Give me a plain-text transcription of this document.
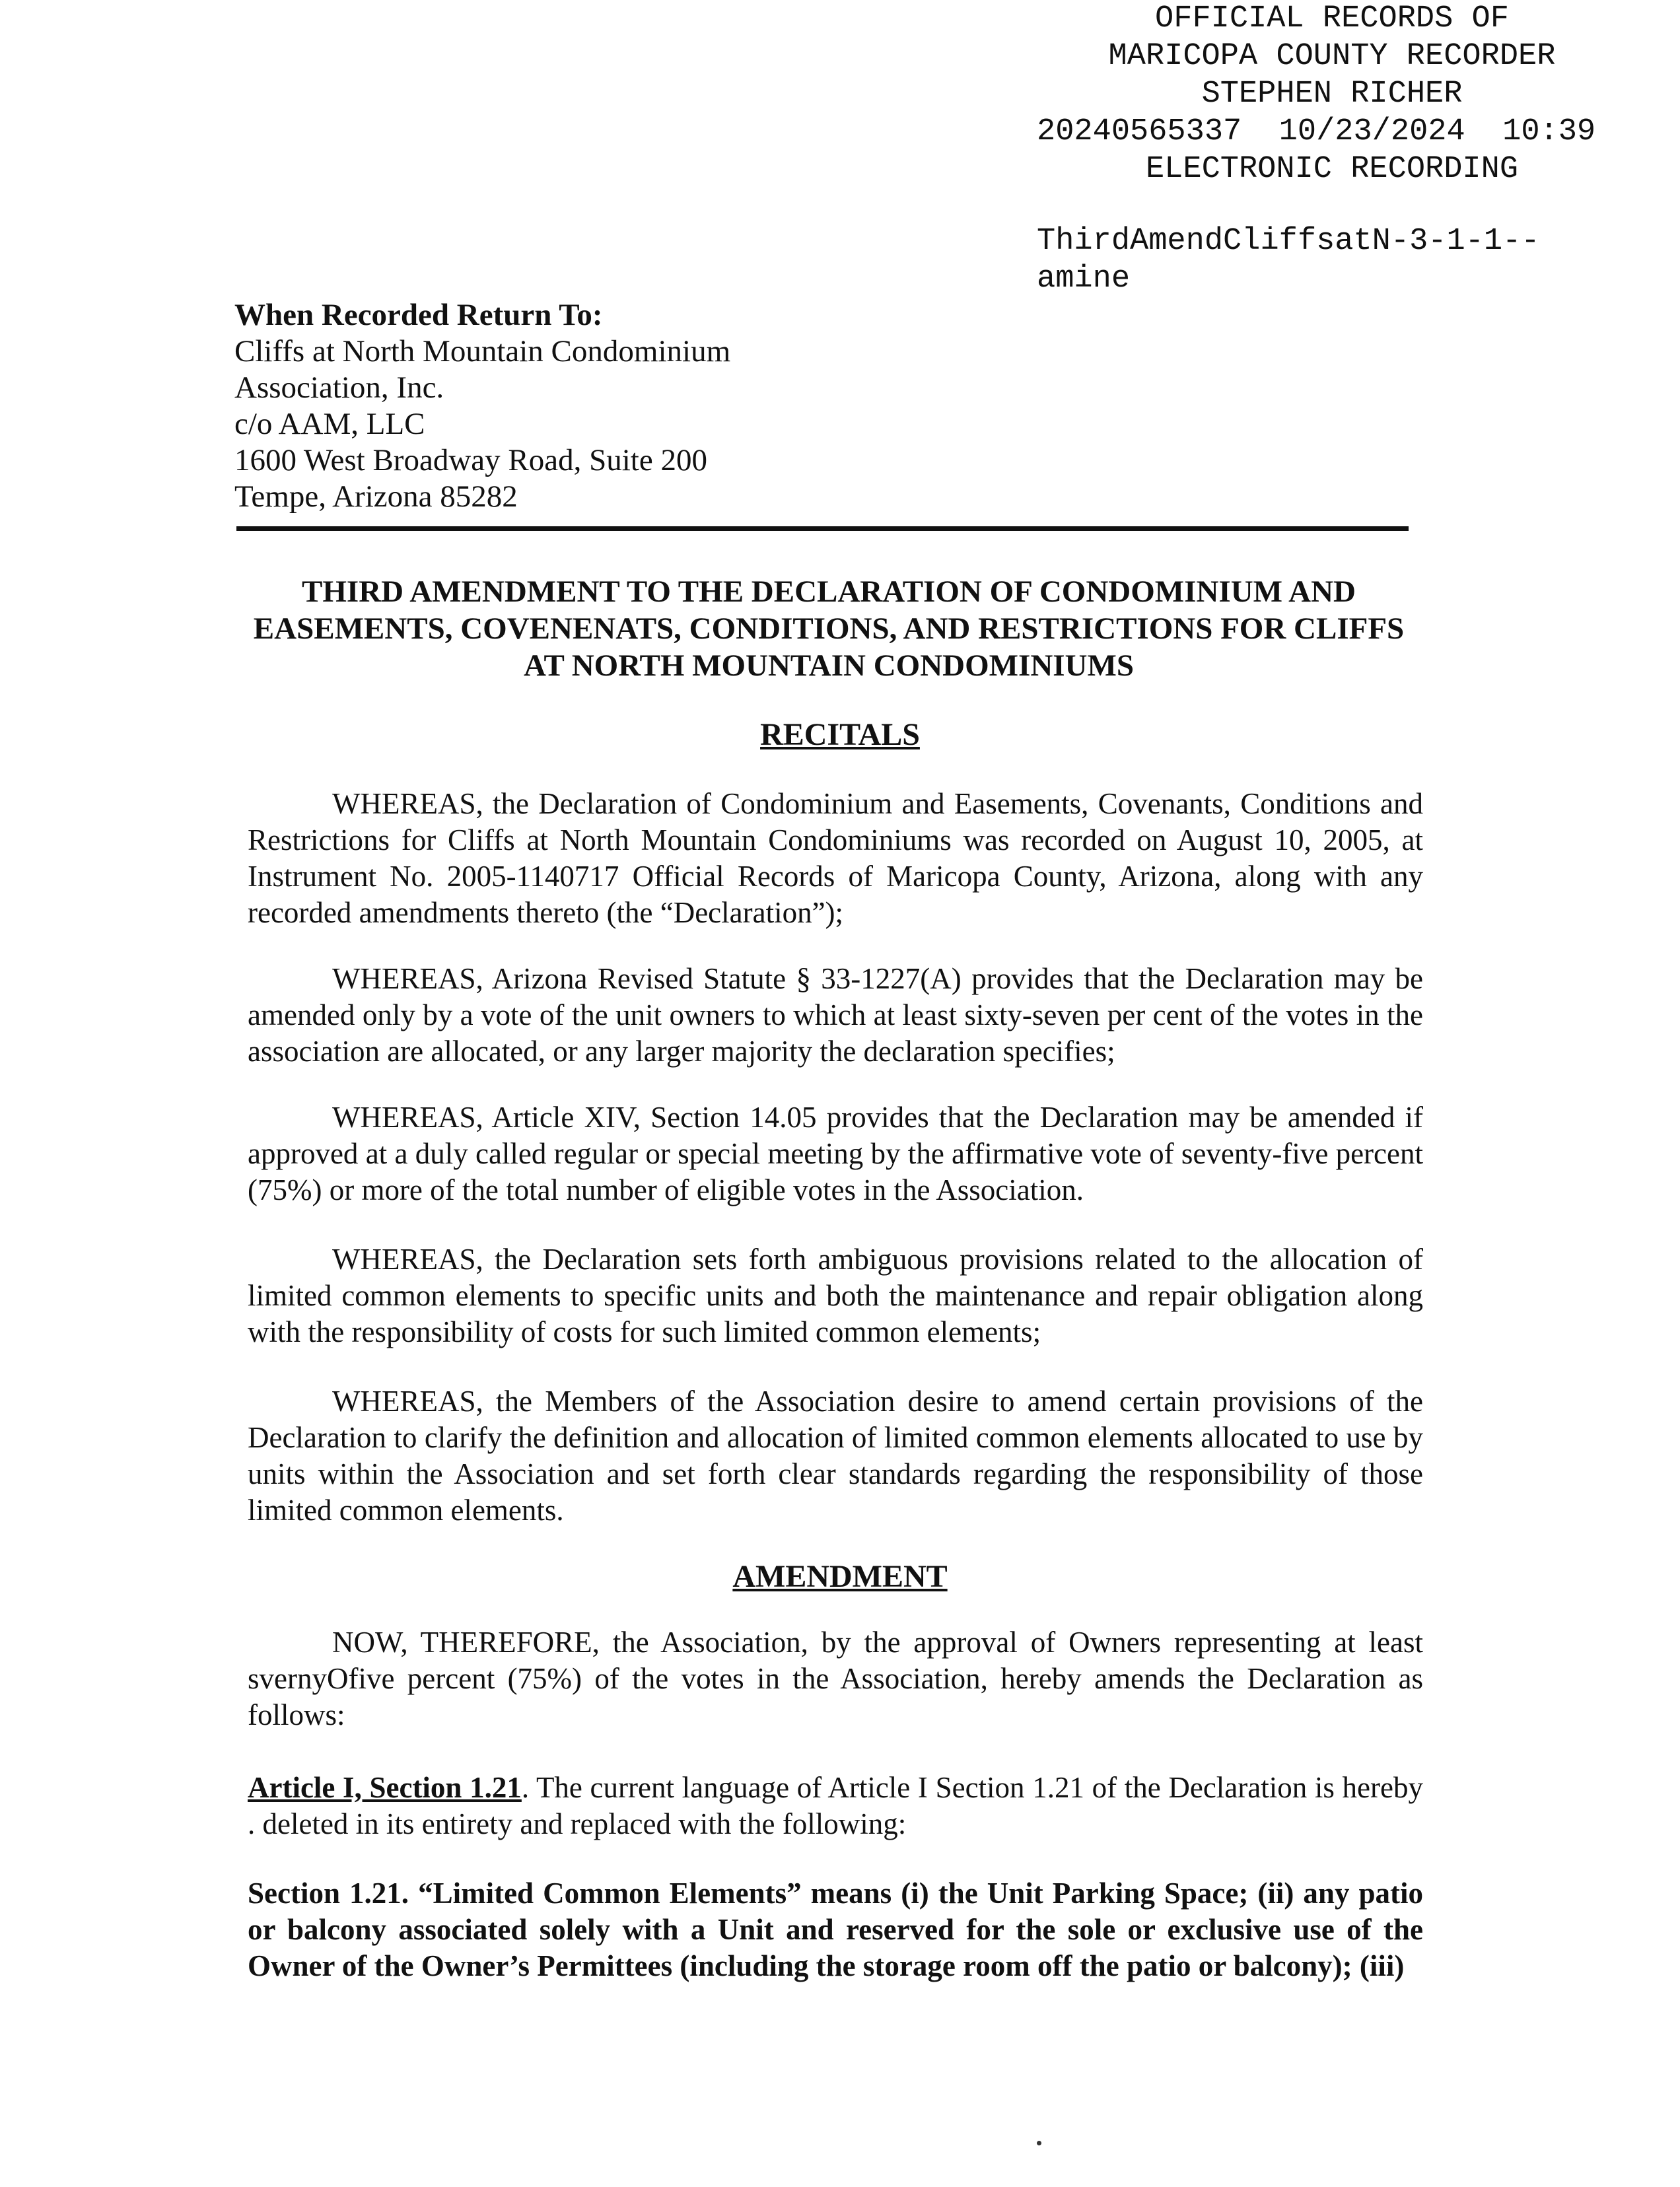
OFFICIAL RECORDS OF
MARICOPA COUNTY RECORDER
STEPHEN RICHER
20240565337  10/23/2024  10:39
ELECTRONIC RECORDING
ThirdAmendCliffsatN-3-1-1--
amine
When Recorded Return To:
Cliffs at North Mountain Condominium
Association, Inc.
c/o AAM, LLC
1600 West Broadway Road, Suite 200
Tempe, Arizona 85282
THIRD AMENDMENT TO THE DECLARATION OF CONDOMINIUM AND
EASEMENTS, COVENENATS, CONDITIONS, AND RESTRICTIONS FOR CLIFFS
AT NORTH MOUNTAIN CONDOMINIUMS
RECITALS
WHEREAS, the Declaration of Condominium and Easements, Covenants, Conditions and Restrictions for Cliffs at North Mountain Condominiums was recorded on August 10, 2005, at Instrument No. 2005-1140717 Official Records of Maricopa County, Arizona, along with any recorded amendments thereto (the “Declaration”);
WHEREAS, Arizona Revised Statute § 33-1227(A) provides that the Declaration may be amended only by a vote of the unit owners to which at least sixty-seven per cent of the votes in the association are allocated, or any larger majority the declaration specifies;
WHEREAS, Article XIV, Section 14.05 provides that the Declaration may be amended if approved at a duly called regular or special meeting by the affirmative vote of seventy-five percent (75%) or more of the total number of eligible votes in the Association.
WHEREAS, the Declaration sets forth ambiguous provisions related to the allocation of limited common elements to specific units and both the maintenance and repair obligation along with the responsibility of costs for such limited common elements;
WHEREAS, the Members of the Association desire to amend certain provisions of the Declaration to clarify the definition and allocation of limited common elements allocated to use by units within the Association and set forth clear standards regarding the responsibility of those limited common elements.
AMENDMENT
NOW, THEREFORE, the Association, by the approval of Owners representing at least svernyOfive percent (75%) of the votes in the Association, hereby amends the Declaration as follows:
Article I, Section 1.21. The current language of Article I Section 1.21 of the Declaration is hereby . deleted in its entirety and replaced with the following:
Section 1.21. “Limited Common Elements” means (i) the Unit Parking Space; (ii) any patio or balcony associated solely with a Unit and reserved for the sole or exclusive use of the Owner of the Owner’s Permittees (including the storage room off the patio or balcony); (iii)
